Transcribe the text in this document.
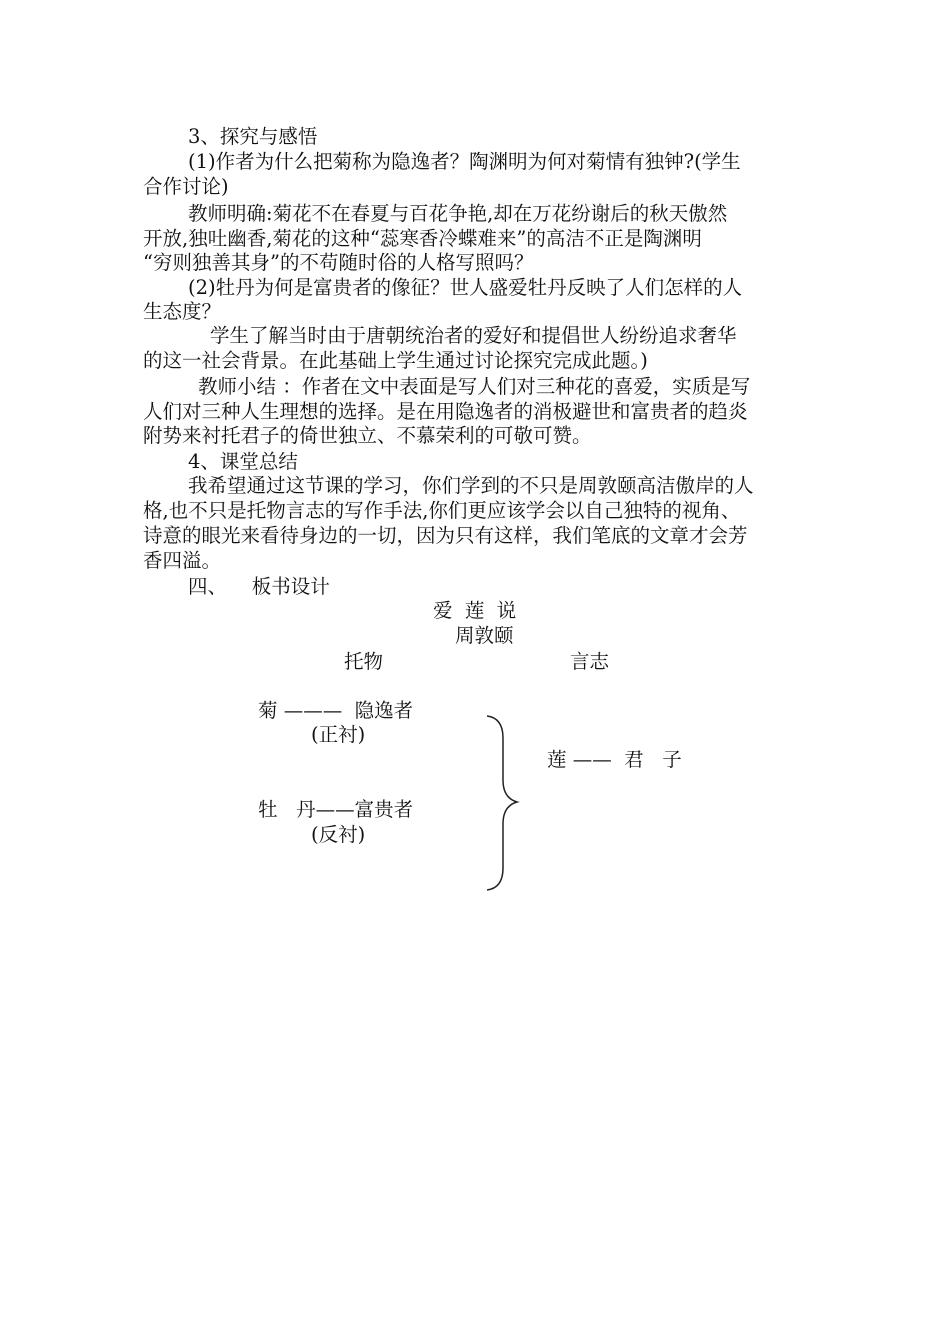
3、探究与感悟
(1)作者为什么把菊称为隐逸者？陶渊明为何对菊情有独钟?(学生
合作讨论)
教师明确:菊花不在春夏与百花争艳,却在万花纷谢后的秋天傲然
开放,独吐幽香,菊花的这种“蕊寒香冷蝶难来”的高洁不正是陶渊明
“穷则独善其身”的不苟随时俗的人格写照吗？
(2)牡丹为何是富贵者的像征？世人盛爱牡丹反映了人们怎样的人
生态度？
学生了解当时由于唐朝统治者的爱好和提倡世人纷纷追求奢华
的这一社会背景。在此基础上学生通过讨论探究完成此题。)
教师小结 ：作者在文中表面是写人们对三种花的喜爱，实质是写
人们对三种人生理想的选择。是在用隐逸者的消极避世和富贵者的趋炎
附势来衬托君子的倚世独立、不慕荣利的可敬可赞。
4、课堂总结
我希望通过这节课的学习，你们学到的不只是周敦颐高洁傲岸的人
格,也不只是托物言志的写作手法,你们更应该学会以自己独特的视角、
诗意的眼光来看待身边的一切，因为只有这样，我们笔底的文章才会芳
香四溢。
四、    板书设计
爱  莲  说
周敦颐
托物	言志
菊 ———  隐逸者
(正衬)
莲 ——  君   子
牡   丹——富贵者
(反衬)
